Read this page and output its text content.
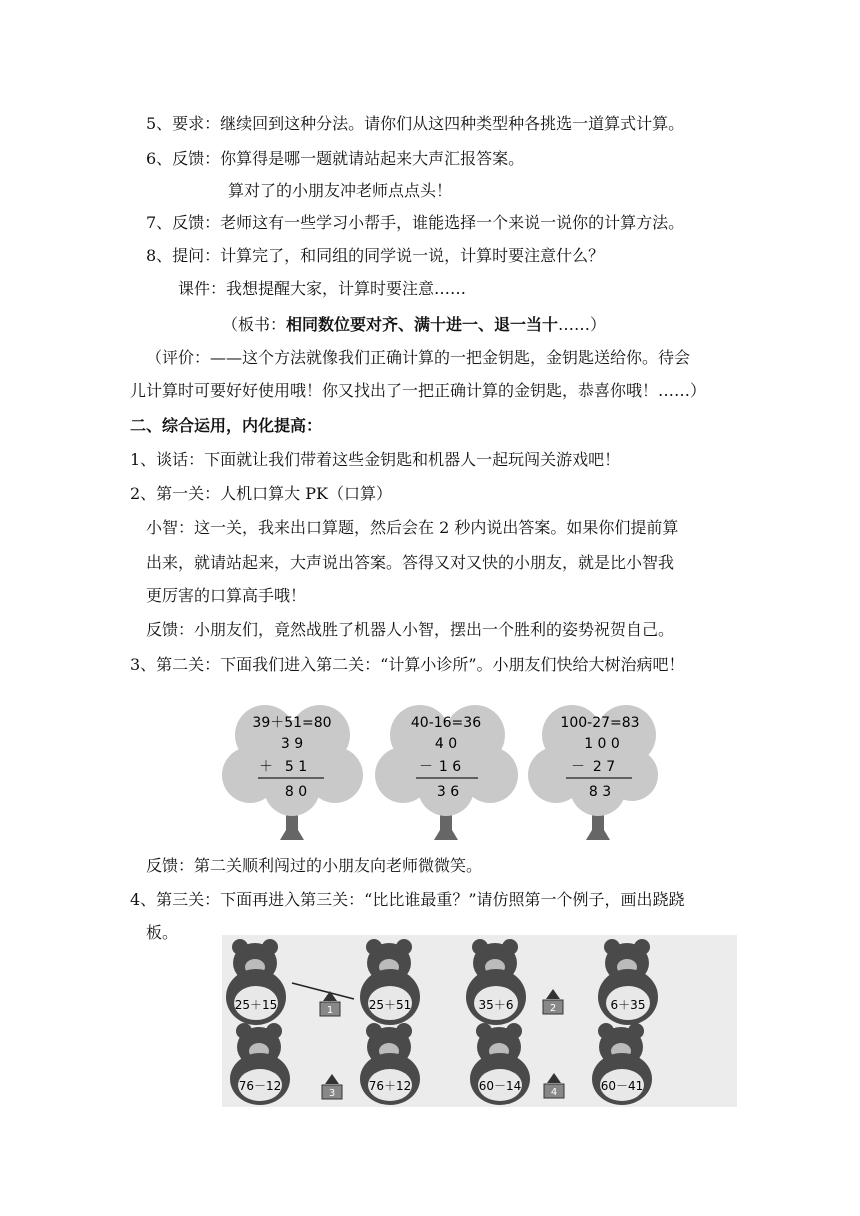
5、要求：继续回到这种分法。请你们从这四种类型种各挑选一道算式计算。
6、反馈：你算得是哪一题就请站起来大声汇报答案。
算对了的小朋友冲老师点点头！
7、反馈：老师这有一些学习小帮手，谁能选择一个来说一说你的计算方法。
8、提问：计算完了，和同组的同学说一说，计算时要注意什么？
课件：我想提醒大家，计算时要注意……
（板书：相同数位要对齐、满十进一、退一当十……）
（评价：——这个方法就像我们正确计算的一把金钥匙，金钥匙送给你。待会
儿计算时可要好好使用哦！你又找出了一把正确计算的金钥匙，恭喜你哦！……）
二、综合运用，内化提高：
1、谈话：下面就让我们带着这些金钥匙和机器人一起玩闯关游戏吧！
2、第一关：人机口算大 PK（口算）
小智：这一关，我来出口算题，然后会在 2 秒内说出答案。如果你们提前算
出来，就请站起来，大声说出答案。答得又对又快的小朋友，就是比小智我
更厉害的口算高手哦！
反馈：小朋友们，竟然战胜了机器人小智，摆出一个胜利的姿势祝贺自己。
3、第二关：下面我们进入第二关：“计算小诊所”。小朋友们快给大树治病吧！
39＋51=80
3 9
＋ 5 1
8 0
40-16=36
4 0
－ 1 6
3 6
100-27=83
1 0 0
－ 2 7
8 3
反馈：第二关顺利闯过的小朋友向老师微微笑。
4、第三关：下面再进入第三关：“比比谁最重？”请仿照第一个例子，画出跷跷
板。
1	2
3	4
25＋15	25＋51	35＋6	6＋35
76－12	76＋12	60－14	60－41
